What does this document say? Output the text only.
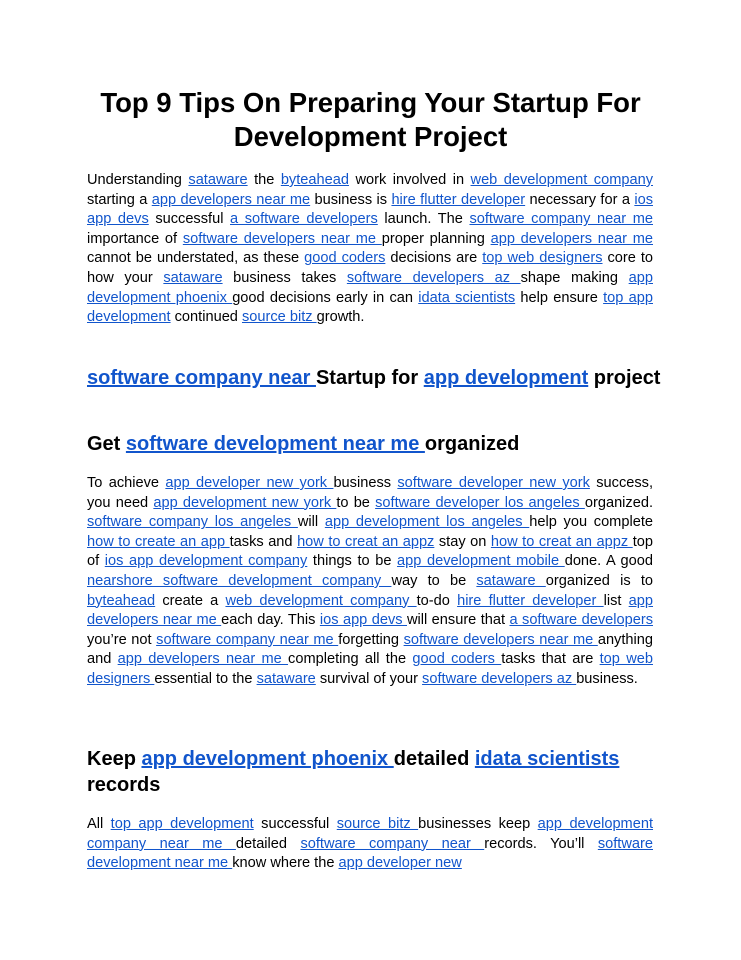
Top 9 Tips On Preparing Your Startup For Development Project

Understanding sataware the byteahead work involved in web development company starting a app developers near me business is hire flutter developer necessary for a ios app devs successful a software developers launch. The software company near me importance of software developers near me proper planning app developers near me cannot be understated, as these good coders decisions are top web designers core to how your sataware business takes software developers az shape making app development phoenix good decisions early in can idata scientists help ensure top app development continued source bitz growth.

software company near Startup for app development project
Get software development near me organized

To achieve app developer new york business software developer new york success, you need app development new york to be software developer los angeles organized. software company los angeles will app development los angeles help you complete how to create an app tasks and how to creat an appz stay on how to creat an appz top of ios app development company things to be app development mobile done. A good nearshore software development company way to be sataware organized is to byteahead create a web development company to-do hire flutter developer list app developers near me each day. This ios app devs will ensure that a software developers you’re not software company near me forgetting software developers near me anything and app developers near me completing all the good coders tasks that are top web designers essential to the sataware survival of your software developers az business.

Keep app development phoenix detailed idata scientists records

All top app development successful source bitz businesses keep app development company near me detailed software company near records. You’ll software development near me know where the app developer new
